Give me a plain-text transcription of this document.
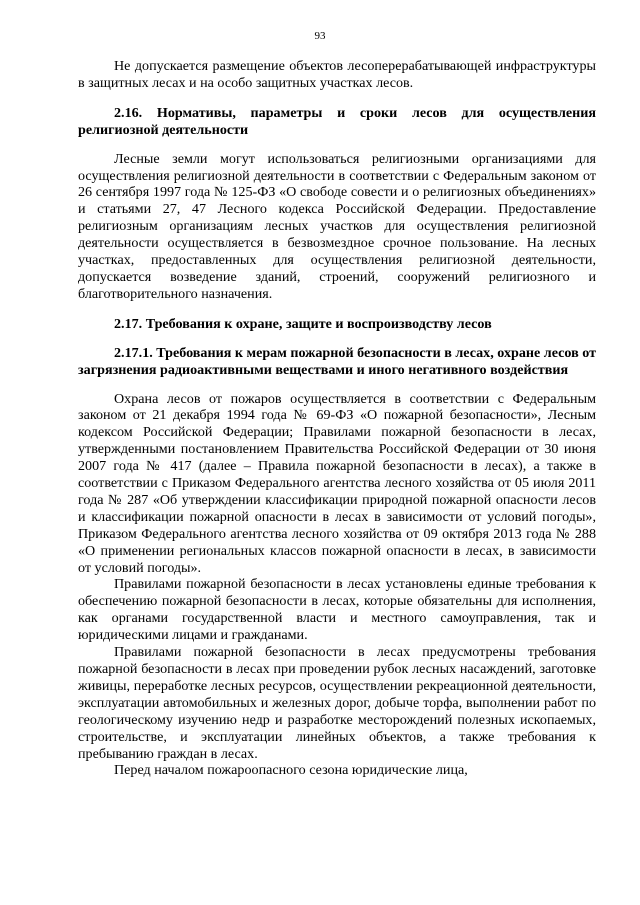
93

Не допускается размещение объектов лесоперерабатывающей инфраструктуры в защитных лесах и на особо защитных участках лесов.

2.16. Нормативы, параметры и сроки лесов для осуществления религиозной деятельности

Лесные земли могут использоваться религиозными организациями для осуществления религиозной деятельности в соответствии с Федеральным законом от 26 сентября 1997 года № 125-ФЗ «О свободе совести и о религиозных объединениях» и статьями 27, 47 Лесного кодекса Российской Федерации. Предоставление религиозным организациям лесных участков для осуществления религиозной деятельности осуществляется в безвозмездное срочное пользование. На лесных участках, предоставленных для осуществления религиозной деятельности, допускается возведение зданий, строений, сооружений религиозного и благотворительного назначения.

2.17. Требования к охране, защите и воспроизводству лесов
2.17.1. Требования к мерам пожарной безопасности в лесах, охране лесов от загрязнения радиоактивными веществами и иного негативного воздействия

Охрана лесов от пожаров осуществляется в соответствии с Федеральным законом от 21 декабря 1994 года № 69-ФЗ «О пожарной безопасности», Лесным кодексом Российской Федерации; Правилами пожарной безопасности в лесах, утвержденными постановлением Правительства Российской Федерации от 30 июня 2007 года № 417 (далее – Правила пожарной безопасности в лесах), а также в соответствии с Приказом Федерального агентства лесного хозяйства от 05 июля 2011 года № 287 «Об утверждении классификации природной пожарной опасности лесов и классификации пожарной опасности в лесах в зависимости от условий погоды», Приказом Федерального агентства лесного хозяйства от 09 октября 2013 года № 288 «О применении региональных классов пожарной опасности в лесах, в зависимости от условий погоды».

Правилами пожарной безопасности в лесах установлены единые требования к обеспечению пожарной безопасности в лесах, которые обязательны для исполнения, как органами государственной власти и местного самоуправления, так и юридическими лицами и гражданами.

Правилами пожарной безопасности в лесах предусмотрены требования пожарной безопасности в лесах при проведении рубок лесных насаждений, заготовке живицы, переработке лесных ресурсов, осуществлении рекреационной деятельности, эксплуатации автомобильных и железных дорог, добыче торфа, выполнении работ по геологическому изучению недр и разработке месторождений полезных ископаемых, строительстве, и эксплуатации линейных объектов, а также требования к пребыванию граждан в лесах.

Перед началом пожароопасного сезона юридические лица,
